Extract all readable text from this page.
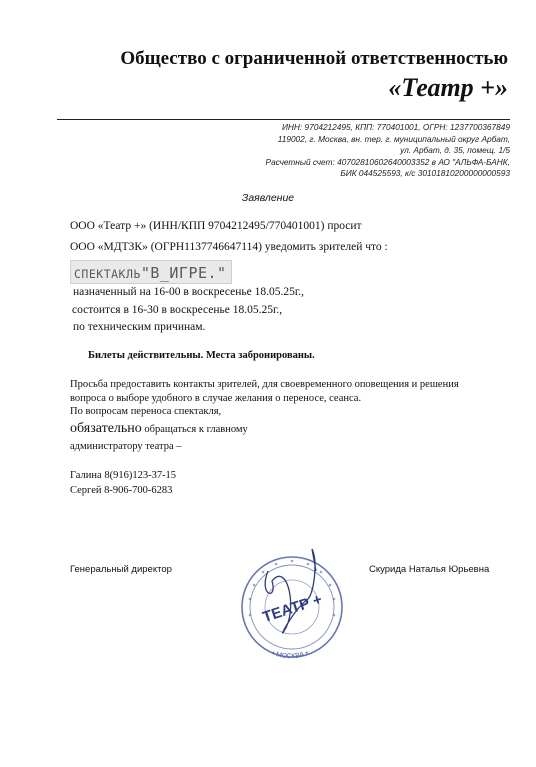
Общество с ограниченной ответственностью
«Театр +»
ИНН: 9704212495, КПП: 770401001, ОГРН: 1237700367849
119002, г. Москва, вн. тер. г. муниципальный округ Арбат,
ул. Арбат, д. 35, помещ. 1/5
Расчетный счет: 40702810602640003352 в АО "АЛЬФА-БАНК,
БИК 044525593, к/с 30101810200000000593
Заявление
ООО «Театр +» (ИНН/КПП 9704212495/770401001) просит
ООО «МДТЗК» (ОГРН1137746647114) уведомить зрителей что :
СПЕКТАКЛЬ"В_ИГРЕ."
назначенный на 16-00 в воскресенье 18.05.25г.,
состоится в 16-30 в воскресенье 18.05.25г.,
по техническим причинам.
Билеты действительны. Места забронированы.
Просьба предоставить контакты зрителей, для своевременного оповещения и решения
вопроса о выборе удобного в случае желания о переносе, сеанса.
По вопросам переноса спектакля,
обязательно обращаться к главному
администратору театра –
Галина 8(916)123-37-15
Сергей 8-906-700-6283
Генеральный директор	Скурида Наталья Юрьевна
ТЕАТР +
• МОСКВА •
